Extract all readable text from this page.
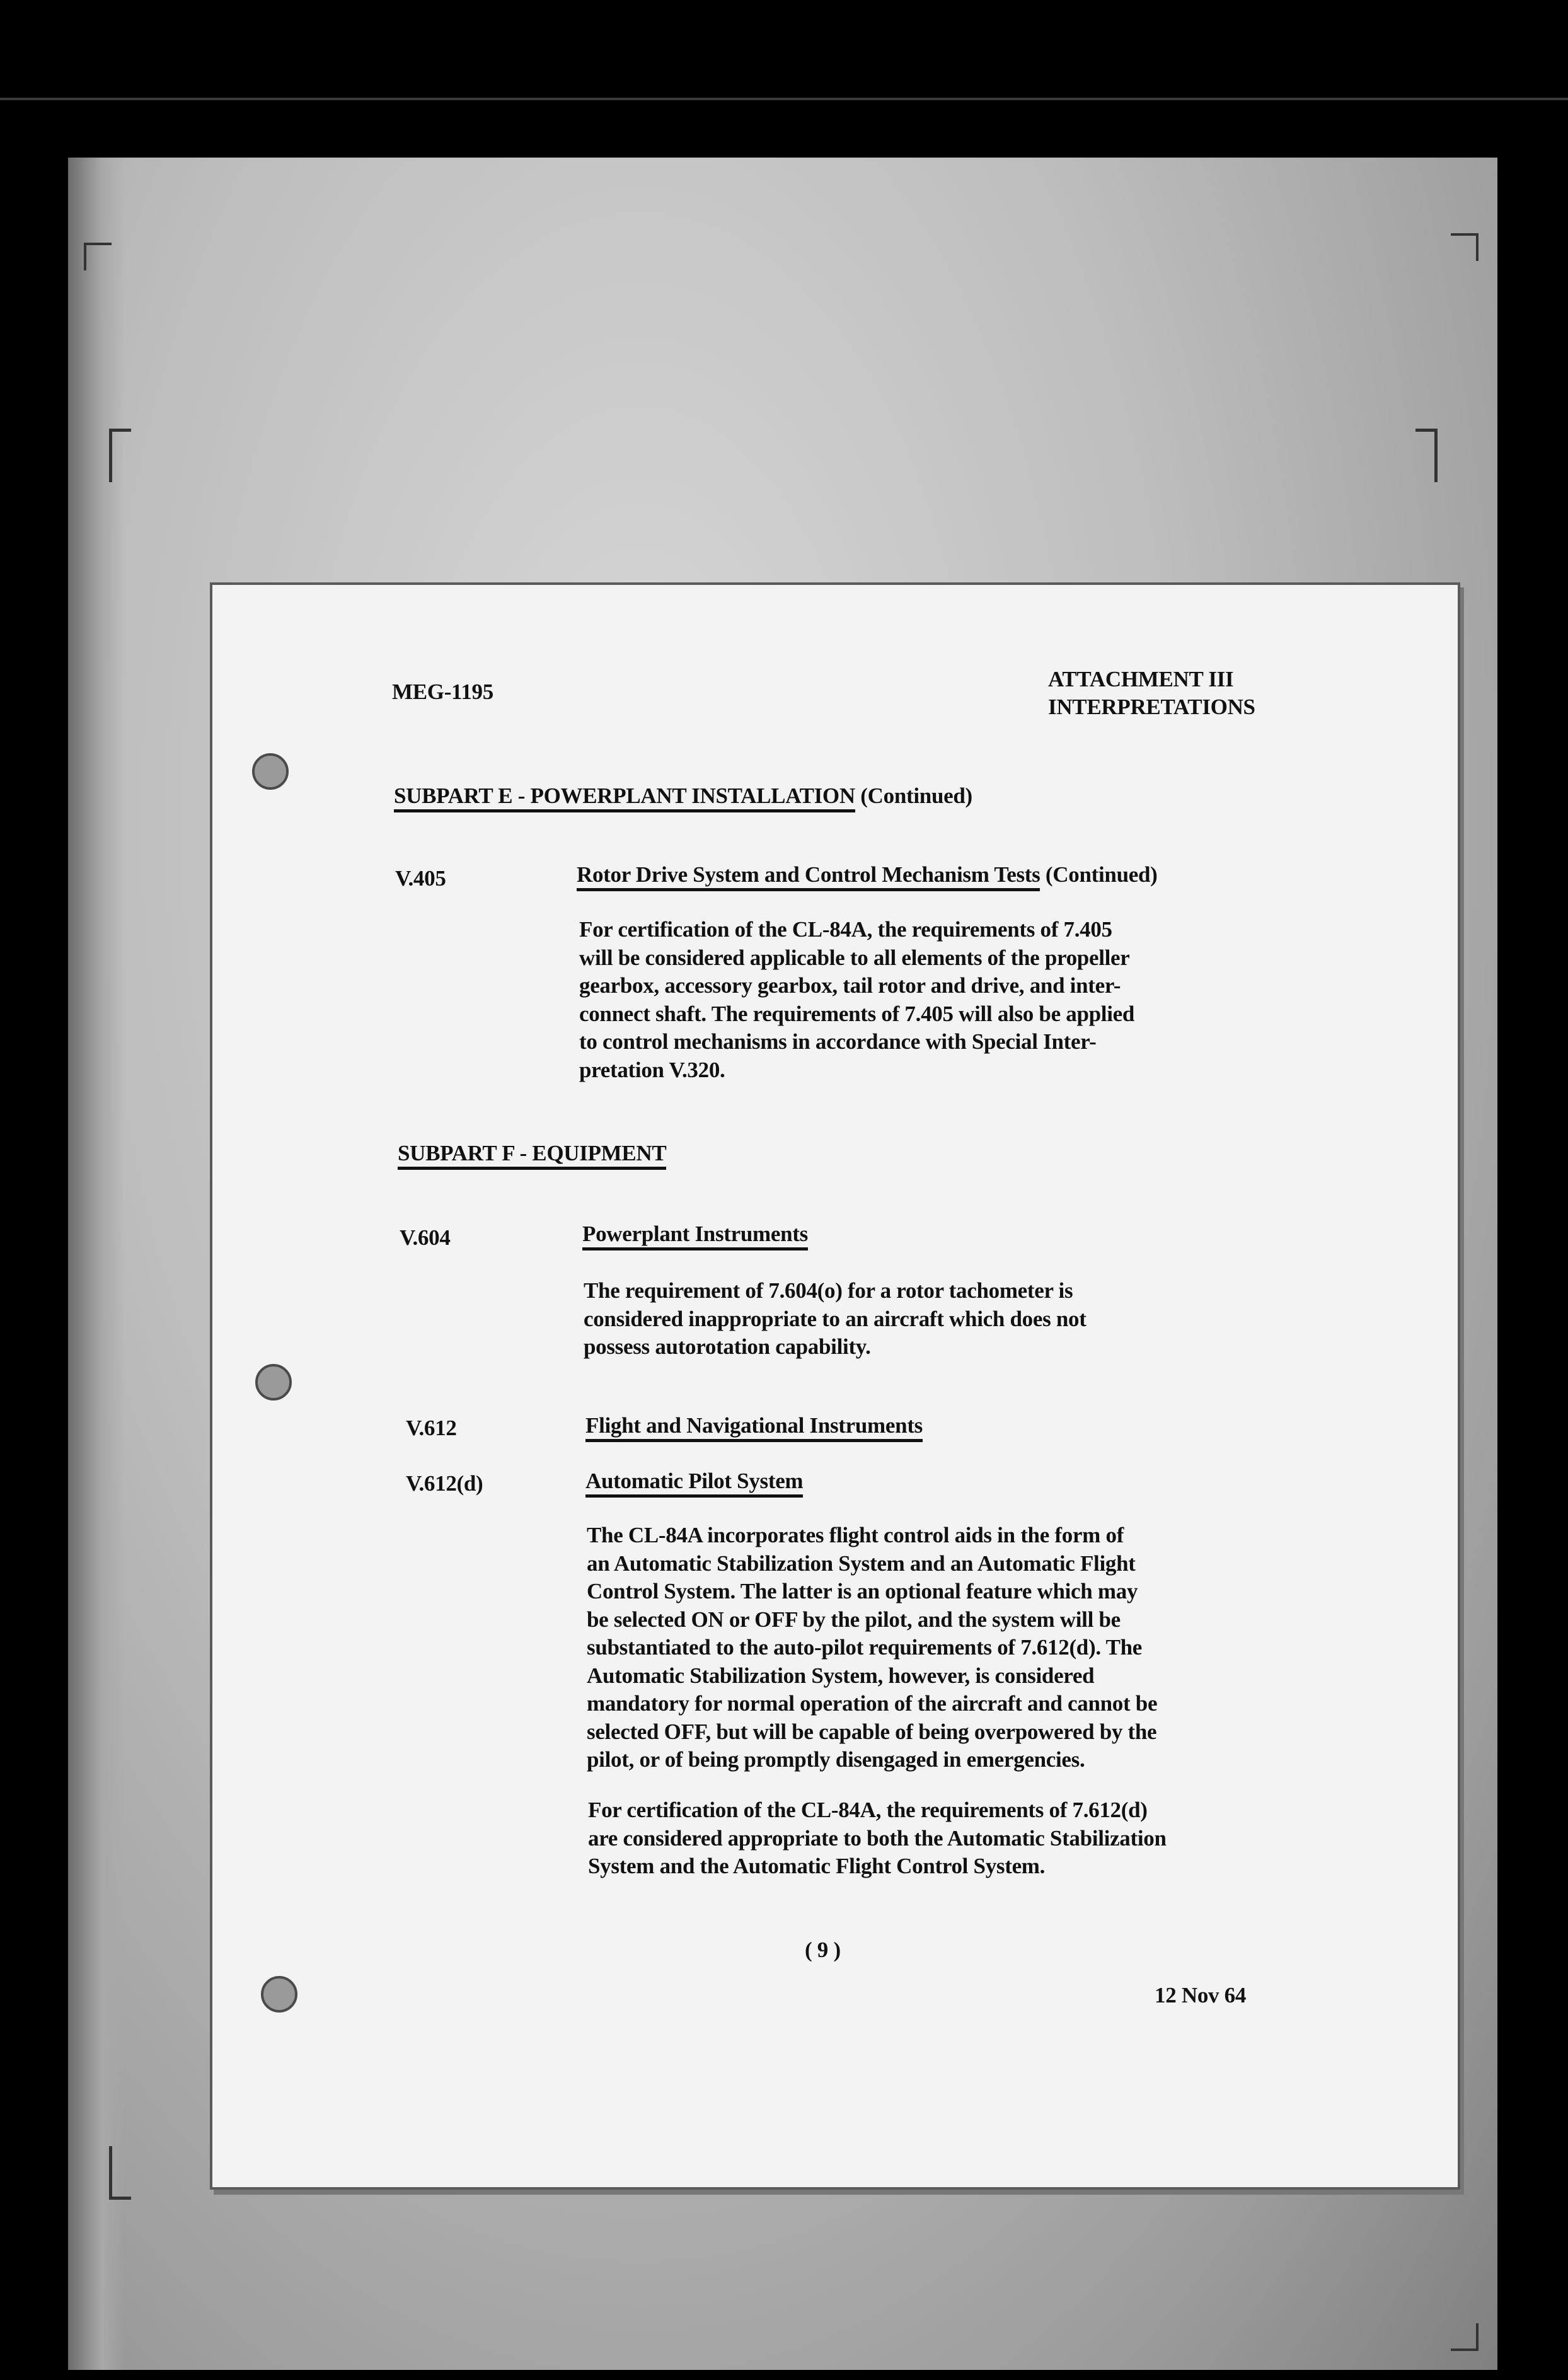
MEG-1195
ATTACHMENT III
INTERPRETATIONS
SUBPART E - POWERPLANT INSTALLATION (Continued)
V.405	Rotor Drive System and Control Mechanism Tests (Continued)
For certification of the CL-84A, the requirements of 7.405
will be considered applicable to all elements of the propeller
gearbox, accessory gearbox, tail rotor and drive, and inter-
connect shaft. The requirements of 7.405 will also be applied
to control mechanisms in accordance with Special Inter-
pretation V.320.
SUBPART F - EQUIPMENT
V.604	Powerplant Instruments
The requirement of 7.604(o) for a rotor tachometer is
considered inappropriate to an aircraft which does not
possess autorotation capability.
V.612	Flight and Navigational Instruments
V.612(d)	Automatic Pilot System
The CL-84A incorporates flight control aids in the form of
an Automatic Stabilization System and an Automatic Flight
Control System. The latter is an optional feature which may
be selected ON or OFF by the pilot, and the system will be
substantiated to the auto-pilot requirements of 7.612(d). The
Automatic Stabilization System, however, is considered
mandatory for normal operation of the aircraft and cannot be
selected OFF, but will be capable of being overpowered by the
pilot, or of being promptly disengaged in emergencies.
For certification of the CL-84A, the requirements of 7.612(d)
are considered appropriate to both the Automatic Stabilization
System and the Automatic Flight Control System.
( 9 )
12 Nov 64
